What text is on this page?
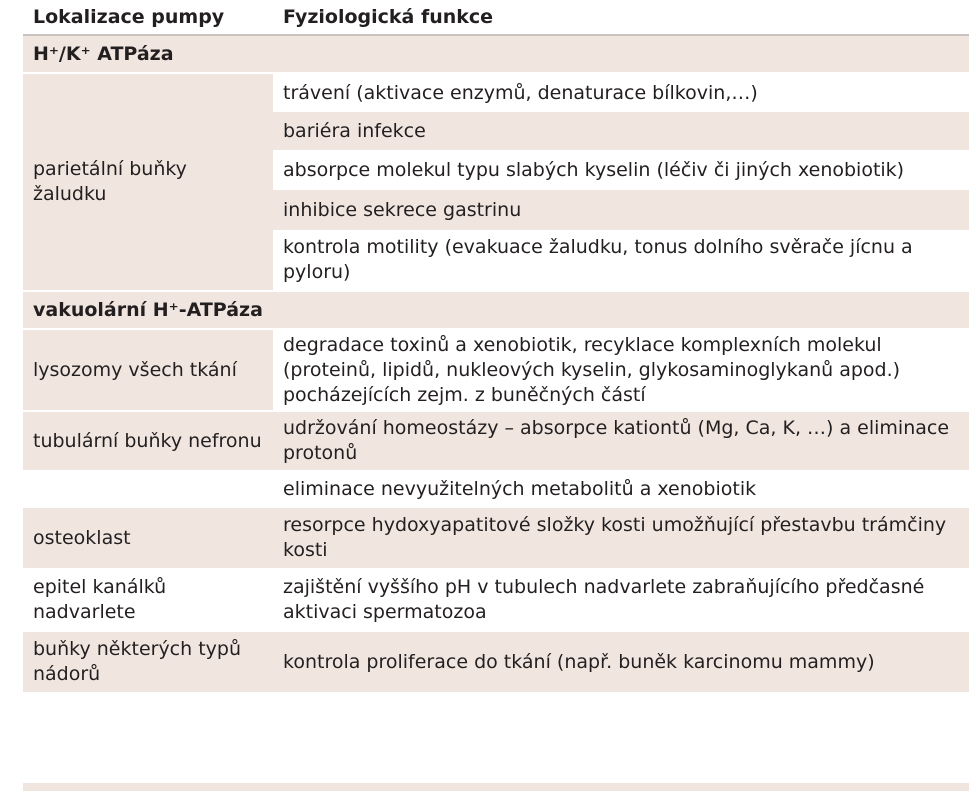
Lokalizace pumpy	Fyziologická funkce
H⁺/K⁺ ATPáza	
parietální buňky žaludku	trávení (aktivace enzymů, denaturace bílkovin,…)
	bariéra infekce
	absorpce molekul typu slabých kyselin (léčiv či jiných xenobiotik)
	inhibice sekrece gastrinu
	kontrola motility (evakuace žaludku, tonus dolního svěrače jícnu a pyloru)
vakuolární H⁺-ATPáza	
lysozomy všech tkání	degradace toxinů a xenobiotik, recyklace komplexních molekul (proteinů, lipidů, nukleových kyselin, glykosaminoglykanů apod.) pocházejících zejm. z buněčných částí
tubulární buňky nefronu	udržování homeostázy – absorpce kationtů (Mg, Ca, K, …) a eliminace protonů
	eliminace nevyužitelných metabolitů a xenobiotik
osteoklast	resorpce hydoxyapatitové složky kosti umožňující přestavbu trámčiny kosti
epitel kanálků nadvarlete	zajištění vyššího pH v tubulech nadvarlete zabraňujícího předčasné aktivaci spermatozoa
buňky některých typů nádorů	kontrola proliferace do tkání (např. buněk karcinomu mammy)
